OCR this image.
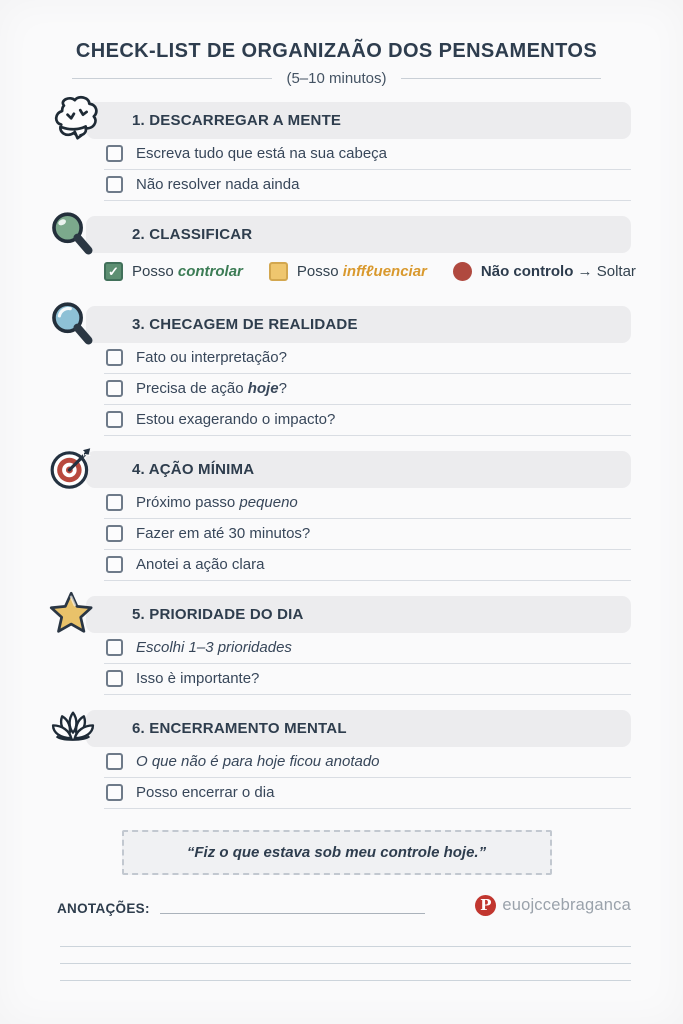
CHECK-LIST DE ORGANIZAÃO DOS PENSAMENTOS
(5–10 minutos)
1. DESCARREGAR A MENTE
Escreva tudo que está na sua cabeça
Não resolver nada ainda
2. CLASSIFICAR
✓ Posso controlar	Posso inffℓuenciar	Não controlo → Soltar
3. CHECAGEM DE REALIDADE
Fato ou interpretação?
Precisa de ação hoje?
Estou exagerando o impacto?
4. AÇÃO MÍNIMA
Próximo passo pequeno
Fazer em até 30 minutos?
Anotei a ação clara
5. PRIORIDADE DO DIA
Escolhi 1–3 prioridades
Isso è importante?
6. ENCERRAMENTO MENTAL
O que não é para hoje ficou anotado
Posso encerrar o dia
“Fiz o que estava sob meu controle hoje.”
ANOTAÇÕES:	P euojccebraganca
